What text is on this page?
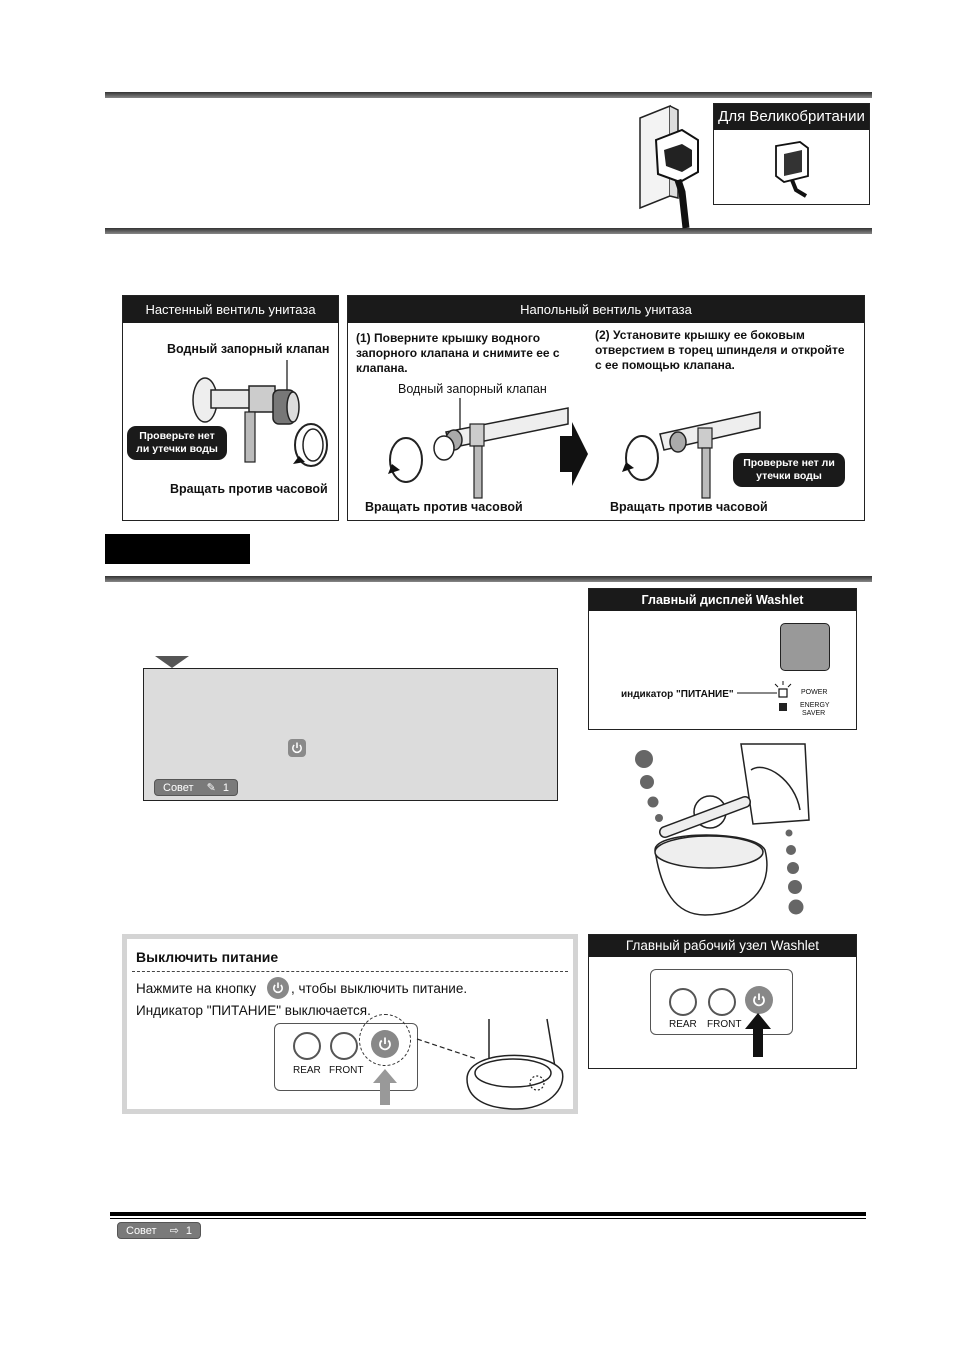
Для Великобритании
Настенный вентиль унитаза
Водный запорный клапан
Проверьте нет ли утечки воды
Вращать против часовой
Напольный вентиль унитаза
(1) Поверните крышку водного запорного клапана и снимите ее с клапана.
(2) Установите крышку ее боковым отверстием в торец шпинделя и откройте с ее помощью клапана.
Водный запорный клапан
Проверьте нет ли утечки воды
Вращать против часовой	Вращать против часовой
Главный дисплей Washlet
индикатор "ПИТАНИЕ"	POWER
ENERGY
SAVER
Совет ✎ 1
Выключить питание
Нажмите на кнопку	, чтобы выключить питание.
Индикатор "ПИТАНИЕ" выключается.
REAR FRONT
Главный рабочий узел Washlet
REAR FRONT
Совет ⇨ 1
